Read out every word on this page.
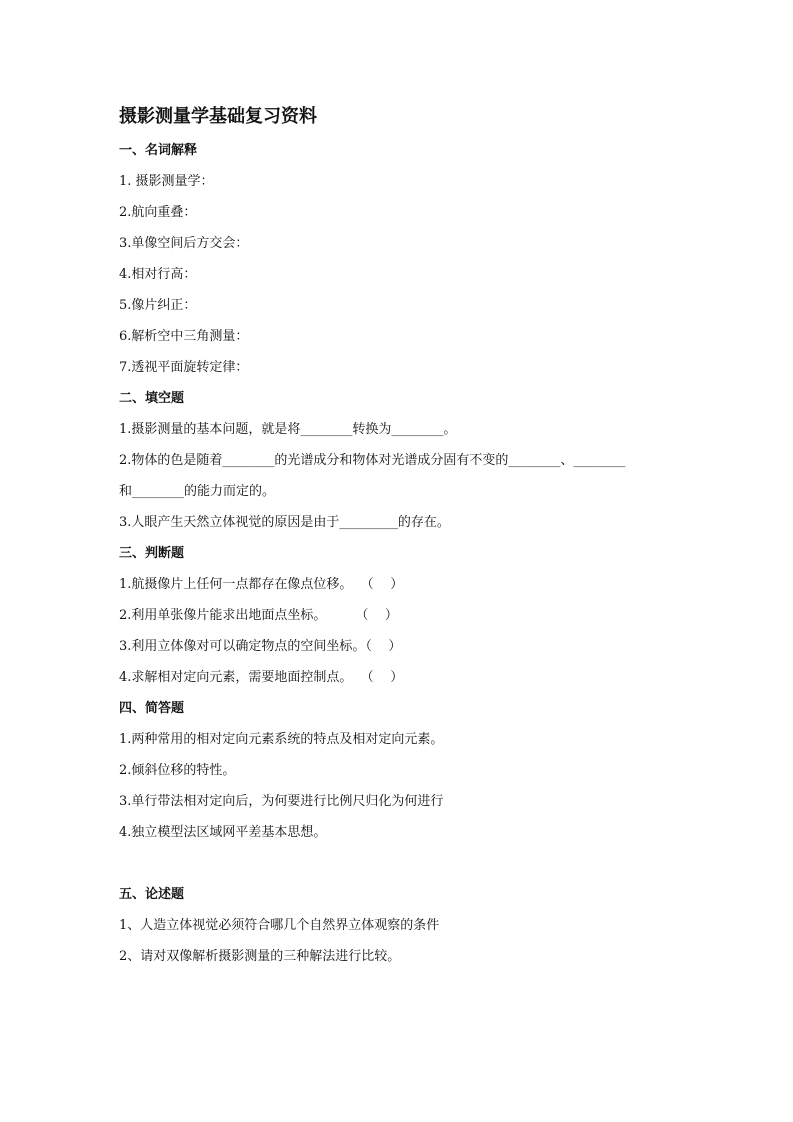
摄影测量学基础复习资料
一、名词解释
1. 摄影测量学：
2.航向重叠：
3.单像空间后方交会：
4.相对行高：
5.像片纠正：
6.解析空中三角测量：
7.透视平面旋转定律：
二、填空题
1.摄影测量的基本问题，就是将________转换为________。
2.物体的色是随着________的光谱成分和物体对光谱成分固有不变的________、________
和________的能力而定的。
3.人眼产生天然立体视觉的原因是由于_________的存在。
三、判断题
1.航摄像片上任何一点都存在像点位移。  （    ）
2.利用单张像片能求出地面点坐标。       （    ）
3.利用立体像对可以确定物点的空间坐标。（    ）
4.求解相对定向元素，需要地面控制点。  （    ）
四、简答题
1.两种常用的相对定向元素系统的特点及相对定向元素。
2.倾斜位移的特性。
3.单行带法相对定向后，为何要进行比例尺归化为何进行
4.独立模型法区域网平差基本思想。
五、论述题
1、人造立体视觉必须符合哪几个自然界立体观察的条件
2、请对双像解析摄影测量的三种解法进行比较。
